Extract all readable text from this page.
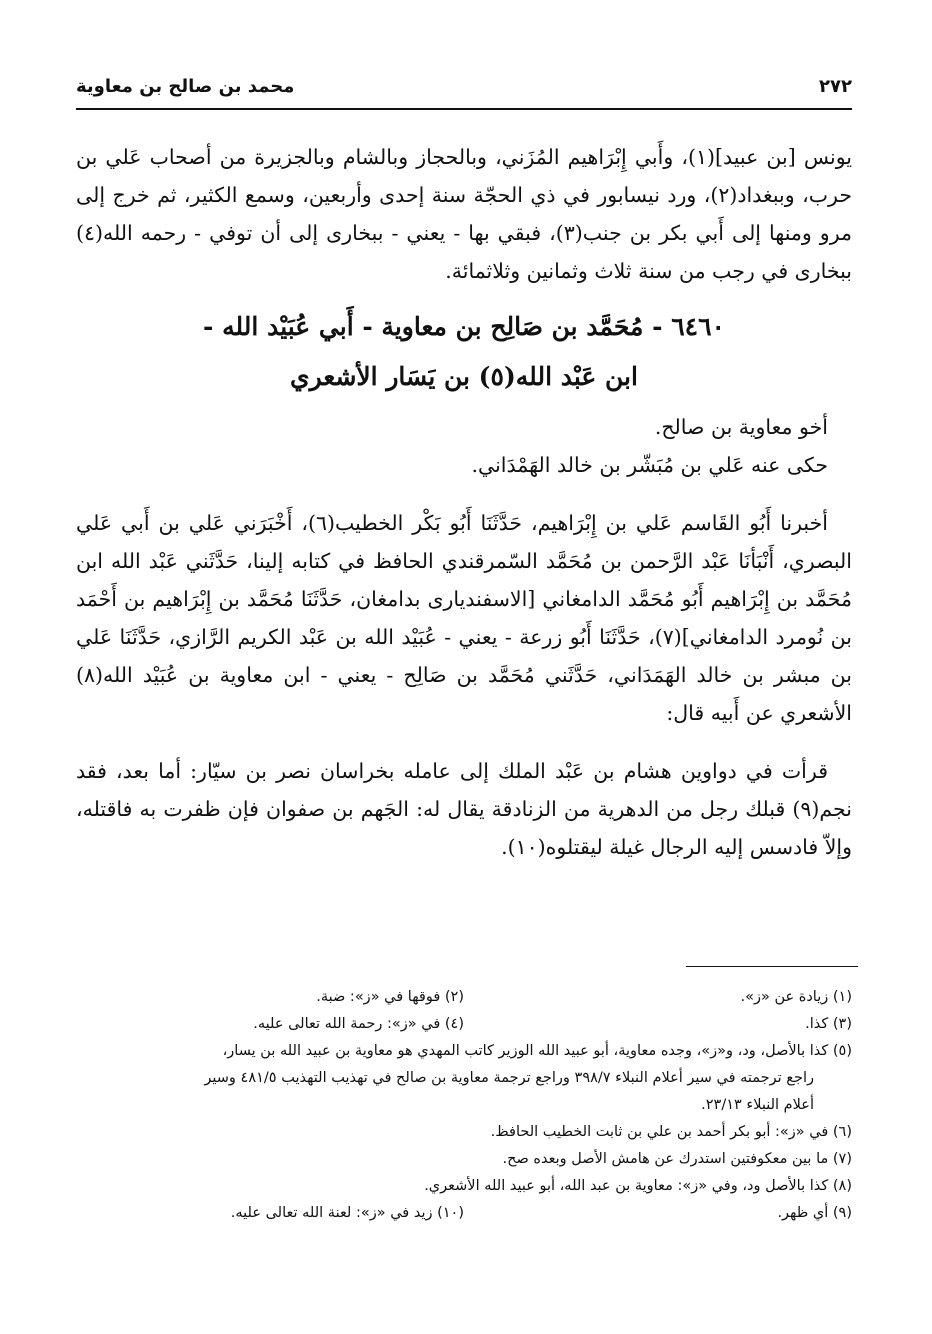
٢٧٢
محمد بن صالح بن معاوية

يونس [بن عبيد](١)، وأَبي إِبْرَاهيم المُزَني، وبالحجاز وبالشام وبالجزيرة من أصحاب عَلي بن حرب، وببغداد(٢)، ورد نيسابور في ذي الحجّة سنة إحدى وأربعين، وسمع الكثير، ثم خرج إلى مرو ومنها إلى أَبي بكر بن جنب(٣)، فبقي بها - يعني - ببخارى إلى أن توفي - رحمه الله(٤) ببخارى في رجب من سنة ثلاث وثمانين وثلاثمائة.

٦٤٦٠ - مُحَمَّد بن صَالِح بن معاوية - أَبي عُبَيْد الله -
ابن عَبْد الله(٥) بن يَسَار الأشعري

أخو معاوية بن صالح.

حكى عنه عَلي بن مُبَشّر بن خالد الهَمْدَاني.

أخبرنا أَبُو القَاسم عَلي بن إِبْرَاهيم، حَدَّثَنَا أَبُو بَكْر الخطيب(٦)، أَخْبَرَني عَلي بن أَبي عَلي البصري، أَنْبَأنَا عَبْد الرَّحمن بن مُحَمَّد السّمرقندي الحافظ في كتابه إلينا، حَدَّثَني عَبْد الله ابن مُحَمَّد بن إِبْرَاهيم أَبُو مُحَمَّد الدامغاني [الاسفنديارى بدامغان، حَدَّثَنَا مُحَمَّد بن إِبْرَاهيم بن أَحْمَد بن نُومرد الدامغاني](٧)، حَدَّثَنَا أَبُو زرعة - يعني - عُبَيْد الله بن عَبْد الكريم الرَّازي، حَدَّثَنَا عَلي بن مبشر بن خالد الهَمَدَاني، حَدَّثَني مُحَمَّد بن صَالِح - يعني - ابن معاوية بن عُبَيْد الله(٨) الأشعري عن أَبيه قال:

قرأت في دواوين هشام بن عَبْد الملك إلى عامله بخراسان نصر بن سيّار: أما بعد، فقد نجم(٩) قبلك رجل من الدهرية من الزنادقة يقال له: الجَهم بن صفوان فإن ظفرت به فاقتله، وإلاّ فادسس إليه الرجال غيلة ليقتلوه(١٠).

(١) زيادة عن «ز».
(٢) فوقها في «ز»: ضبة.
(٣) كذا.
(٤) في «ز»: رحمة الله تعالى عليه.
(٥) كذا بالأصل، ود، و«ز»، وجده معاوية، أبو عبيد الله الوزير كاتب المهدي هو معاوية بن عبيد الله بن يسار،
راجع ترجمته في سير أعلام النبلاء ٣٩٨/٧ وراجع ترجمة معاوية بن صالح في تهذيب التهذيب ٤٨١/٥ وسير
أعلام النبلاء ٢٣/١٣.
(٦) في «ز»: أبو بكر أحمد بن علي بن ثابت الخطيب الحافظ.
(٧) ما بين معكوفتين استدرك عن هامش الأصل وبعده صح.
(٨) كذا بالأصل ود، وفي «ز»: معاوية بن عبد الله، أبو عبيد الله الأشعري.
(٩) أي ظهر.
(١٠) زيد في «ز»: لعنة الله تعالى عليه.
